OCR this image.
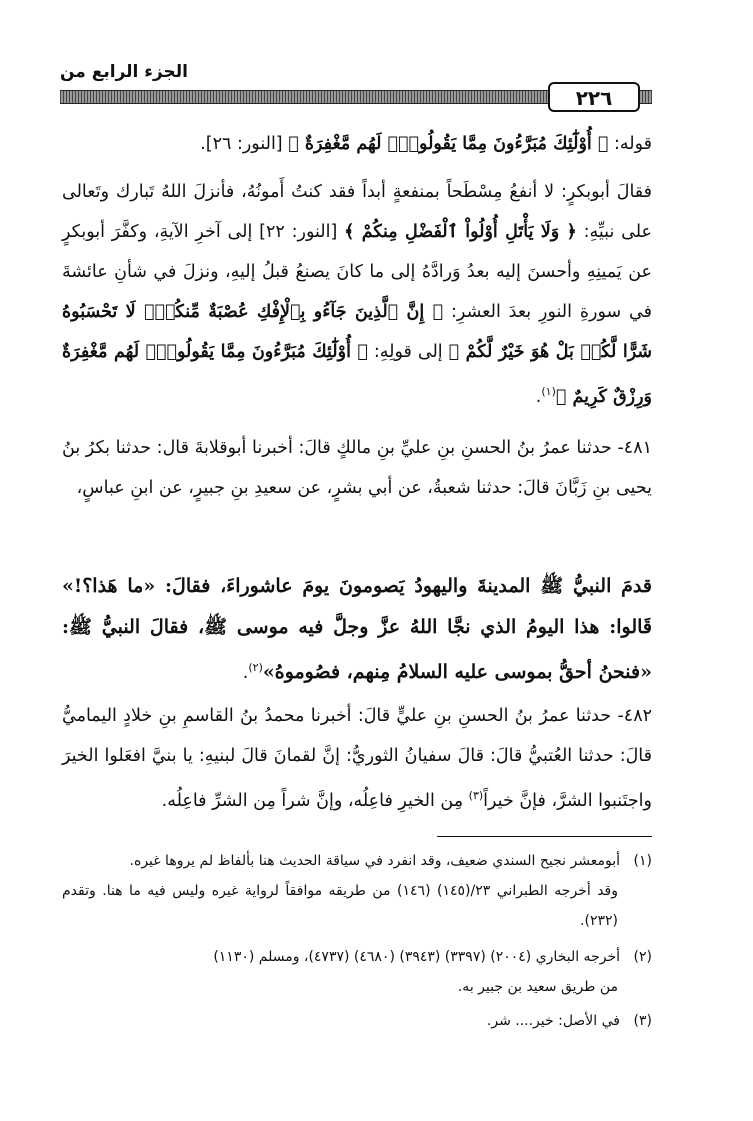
الجزء الرابع من
٢٢٦
قوله: ﴿ أُوْلَٰٓئِكَ مُبَرَّءُونَ مِمَّا يَقُولُونَۖ لَهُم مَّغْفِرَةٌ ﴾ [النور: ٢٦].
فقالَ أبوبكرٍ: لا أنفعُ مِسْطَحاً بمنفعةٍ أبداً فقد كنتُ أَمونُهُ، فأنزلَ اللهُ تَبارك وتَعالى على نبيِّهِ: ﴿ وَلَا يَأْتَلِ أُوْلُواْ ٱلْفَضْلِ مِنكُمْ ﴾ [النور: ٢٢] إلى آخرِ الآيةِ، وكفَّرَ أبوبكرٍ عن يَمينِهِ وأحسنَ إليه بعدُ وَرادَّهُ إلى ما كانَ يصنعُ قبلُ إليهِ، ونزلَ في شأنِ عائشةَ في سورةِ النورِ بعدَ العشرِ: ﴿ إِنَّ ٱلَّذِينَ جَآءُو بِٱلْإِفْكِ عُصْبَةٌ مِّنكُمْۚ لَا تَحْسَبُوهُ شَرًّا لَّكُمۖ بَلْ هُوَ خَيْرٌ لَّكُمْ ﴾ إلى قولِهِ: ﴿ أُوْلَٰٓئِكَ مُبَرَّءُونَ مِمَّا يَقُولُونَۖ لَهُم مَّغْفِرَةٌ وَرِزْقٌ كَرِيمٌ ﴾$^{(١)}$.
٤٨١- حدثنا عمرُ بنُ الحسنِ بنِ عليِّ بنِ مالكٍ قالَ: أخبرنا أبوقلابةَ قال: حدثنا بكرُ بنُ يحيى بنِ زَبَّانَ قالَ: حدثنا شعبةُ، عن أبي بشرٍ، عن سعيدِ بنِ جبيرٍ، عن ابنِ عباسٍ،
قدمَ النبيُّ ﷺ المدينةَ واليهودُ يَصومونَ يومَ عاشوراءَ، فقالَ: «ما هَذا؟!» قَالوا: هذا اليومُ الذي نجَّا اللهُ عزَّ وجلَّ فيه موسى ﷺ، فقالَ النبيُّ ﷺ: «فنحنُ أحقُّ بموسى عليه السلامُ مِنهم، فصُوموهُ»$^{(٢)}$.
٤٨٢- حدثنا عمرُ بنُ الحسنِ بنِ عليٍّ قالَ: أخبرنا محمدُ بنُ القاسمِ بنِ خلادٍ اليماميُّ قالَ: حدثنا العُتبيُّ قالَ: قالَ سفيانُ الثوريُّ: إنَّ لقمانَ قالَ لبنيهِ: يا بنيَّ افعَلوا الخيرَ واجتَنبوا الشرَّ، فإنَّ خيراً$^{(٣)}$ مِن الخيرِ فاعِلُه، وإنَّ شراً مِن الشرِّ فاعِلُه.
(١)أبومعشر نجيح السندي ضعيف، وقد انفرد في سياقة الحديث هنا بألفاظ لم يروها غيره.
وقد أخرجه الطبراني ٢٣/(١٤٥) (١٤٦) من طريقه موافقاً لرواية غيره وليس فيه ما هنا. وتقدم (٢٣٢).
(٢)أخرجه البخاري (٢٠٠٤) (٣٣٩٧) (٣٩٤٣) (٤٦٨٠) (٤٧٣٧)، ومسلم (١١٣٠)
من طريق سعيد بن جبير به.
(٣)في الأصل: خير.... شر.
